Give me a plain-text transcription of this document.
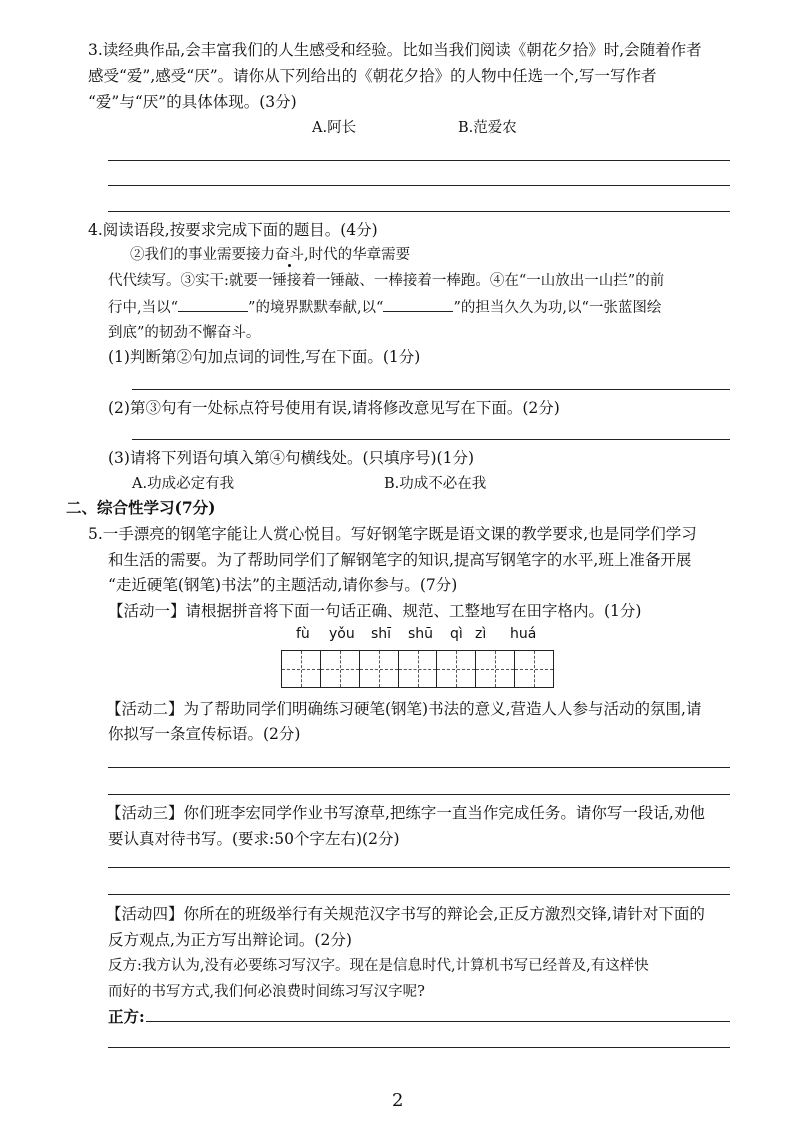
3.读经典作品,会丰富我们的人生感受和经验。比如当我们阅读《朝花夕拾》时,会随着作者
感受“爱”,感受“厌”。请你从下列给出的《朝花夕拾》的人物中任选一个,写一写作者
“爱”与“厌”的具体体现。(3分)
A.阿长	B.范爱农
4.阅读语段,按要求完成下面的题目。(4分)
②我们的事业需要接力奋斗,时代的华章需要
代代续写。③实干:就要一锤接着一锤敲、一棒接着一棒跑。④在“一山放出一山拦”的前
行中,当以“	”的境界默默奉献,以“	”的担当久久为功,以“一张蓝图绘
到底”的韧劲不懈奋斗。
(1)判断第②句加点词的词性,写在下面。(1分)
(2)第③句有一处标点符号使用有误,请将修改意见写在下面。(2分)
(3)请将下列语句填入第④句横线处。(只填序号)(1分)
A.功成必定有我	B.功成不必在我
二、综合性学习(7分)
5.一手漂亮的钢笔字能让人赏心悦目。写好钢笔字既是语文课的教学要求,也是同学们学习
和生活的需要。为了帮助同学们了解钢笔字的知识,提高写钢笔字的水平,班上准备开展
“走近硬笔(钢笔)书法”的主题活动,请你参与。(7分)
【活动一】请根据拼音将下面一句话正确、规范、工整地写在田字格内。(1分)
fù yǒu shī shū qì zì huá
【活动二】为了帮助同学们明确练习硬笔(钢笔)书法的意义,营造人人参与活动的氛围,请
你拟写一条宣传标语。(2分)
【活动三】你们班李宏同学作业书写潦草,把练字一直当作完成任务。请你写一段话,劝他
要认真对待书写。(要求:50个字左右)(2分)
【活动四】你所在的班级举行有关规范汉字书写的辩论会,正反方激烈交锋,请针对下面的
反方观点,为正方写出辩论词。(2分)
反方:我方认为,没有必要练习写汉字。现在是信息时代,计算机书写已经普及,有这样快
而好的书写方式,我们何必浪费时间练习写汉字呢?
正方:
2
